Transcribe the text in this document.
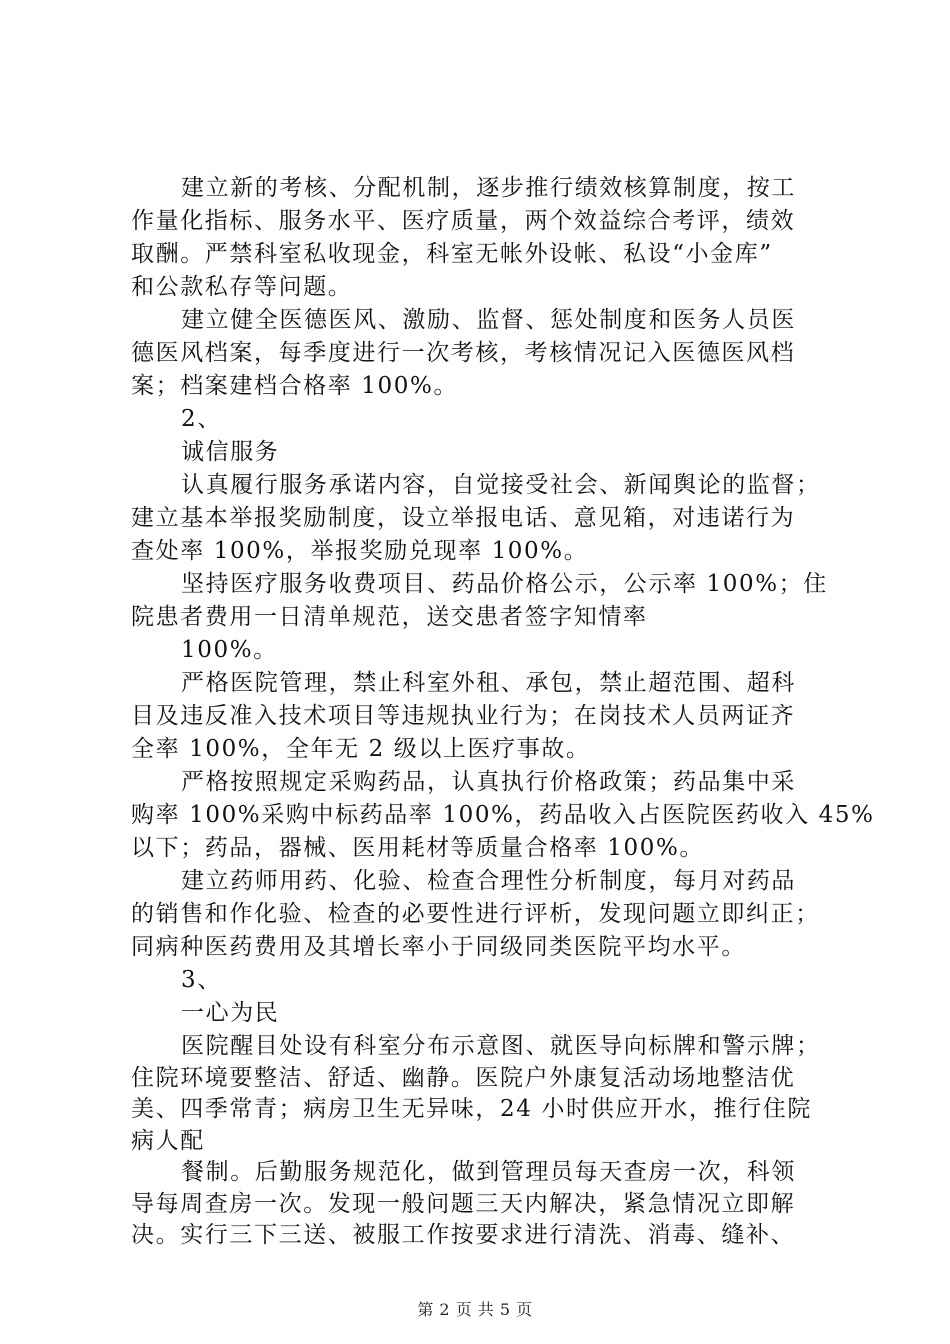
建立新的考核、分配机制，逐步推行绩效核算制度，按工
作量化指标、服务水平、医疗质量，两个效益综合考评，绩效
取酬。严禁科室私收现金，科室无帐外设帐、私设“小金库”
和公款私存等问题。
建立健全医德医风、激励、监督、惩处制度和医务人员医
德医风档案，每季度进行一次考核，考核情况记入医德医风档
案；档案建档合格率 100%。
2、
诚信服务
认真履行服务承诺内容，自觉接受社会、新闻舆论的监督；
建立基本举报奖励制度，设立举报电话、意见箱，对违诺行为
查处率 100%，举报奖励兑现率 100%。
坚持医疗服务收费项目、药品价格公示，公示率 100%；住
院患者费用一日清单规范，送交患者签字知情率
100%。
严格医院管理，禁止科室外租、承包，禁止超范围、超科
目及违反准入技术项目等违规执业行为；在岗技术人员两证齐
全率 100%，全年无 2 级以上医疗事故。
严格按照规定采购药品，认真执行价格政策；药品集中采
购率 100%采购中标药品率 100%，药品收入占医院医药收入 45%
以下；药品，器械、医用耗材等质量合格率 100%。
建立药师用药、化验、检查合理性分析制度，每月对药品
的销售和作化验、检查的必要性进行评析，发现问题立即纠正；
同病种医药费用及其增长率小于同级同类医院平均水平。
3、
一心为民
医院醒目处设有科室分布示意图、就医导向标牌和警示牌；
住院环境要整洁、舒适、幽静。医院户外康复活动场地整洁优
美、四季常青；病房卫生无异味，24 小时供应开水，推行住院
病人配
餐制。后勤服务规范化，做到管理员每天查房一次，科领
第 2 页 共 5 页
导每周查房一次。发现一般问题三天内解决，紧急情况立即解
决。实行三下三送、被服工作按要求进行清洗、消毒、缝补、
